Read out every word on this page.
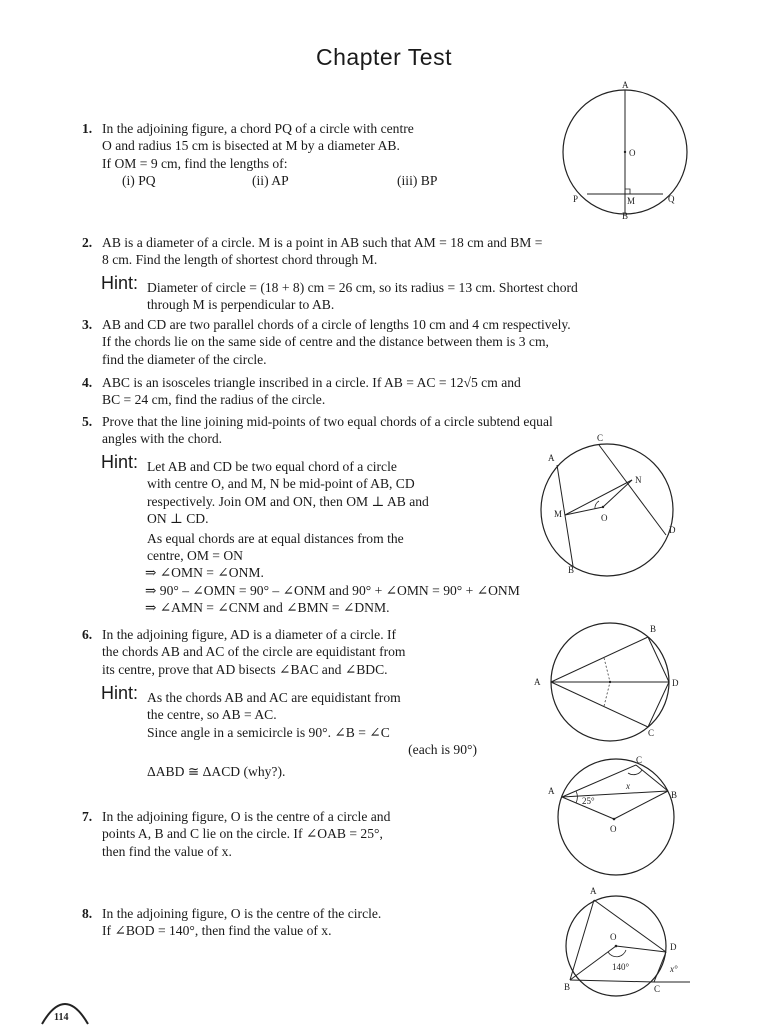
Chapter Test
1. In the adjoining figure, a chord PQ of a circle with centre
O and radius 15 cm is bisected at M by a diameter AB.
If OM = 9 cm, find the lengths of:
(i) PQ	(ii) AP	(iii) BP
A
O
P	M	Q
B
2. AB is a diameter of a circle. M is a point in AB such that AM = 18 cm and BM =
8 cm. Find the length of shortest chord through M.
Hint: Diameter of circle = (18 + 8) cm = 26 cm, so its radius = 13 cm. Shortest chord
through M is perpendicular to AB.
3. AB and CD are two parallel chords of a circle of lengths 10 cm and 4 cm respectively.
If the chords lie on the same side of centre and the distance between them is 3 cm,
find the diameter of the circle.
4. ABC is an isosceles triangle inscribed in a circle. If AB = AC = 12√5 cm and
BC = 24 cm, find the radius of the circle.
5. Prove that the line joining mid-points of two equal chords of a circle subtend equal
angles with the chord.
Hint: Let AB and CD be two equal chord of a circle
with centre O, and M, N be mid-point of AB, CD
respectively. Join OM and ON, then OM ⊥ AB and
ON ⊥ CD.
As equal chords are at equal distances from the
centre, OM = ON
⇒ ∠OMN = ∠ONM.
⇒ 90° – ∠OMN = 90° – ∠ONM and 90° + ∠OMN = 90° + ∠ONM
⇒ ∠AMN = ∠CNM and ∠BMN = ∠DNM.
C
A
N
M	O
D
B
6. In the adjoining figure, AD is a diameter of a circle. If
the chords AB and AC of the circle are equidistant from
its centre, prove that AD bisects ∠BAC and ∠BDC.
Hint: As the chords AB and AC are equidistant from
the centre, so AB = AC.
Since angle in a semicircle is 90°. ∠B = ∠C
(each is 90°)
ΔABD ≅ ΔACD (why?).
B
A	D
C
7. In the adjoining figure, O is the centre of a circle and
points A, B and C lie on the circle. If ∠OAB = 25°,
then find the value of x.
C
A	x
B
25°
O
8. In the adjoining figure, O is the centre of the circle.
If ∠BOD = 140°, then find the value of x.
A
O
D
140°	x°
B	C
114
